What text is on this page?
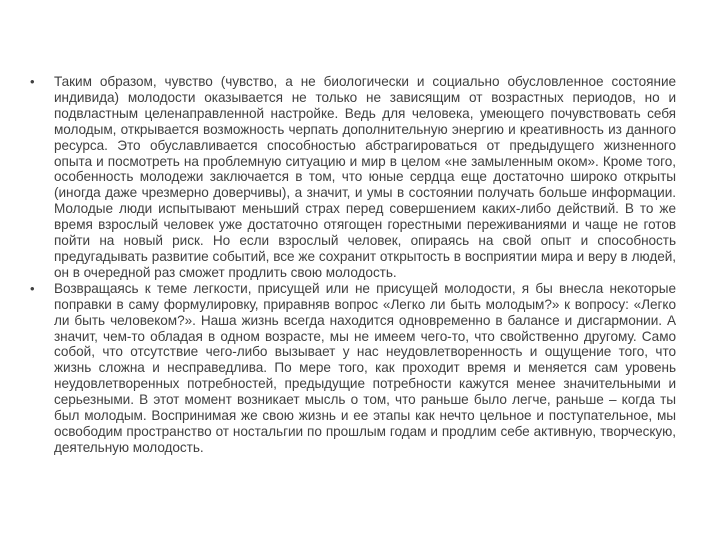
• Таким образом, чувство (чувство, а не биологически и социально обусловленное состояние индивида) молодости оказывается не только не зависящим от возрастных периодов, но и подвластным целенаправленной настройке. Ведь для человека, умеющего почувствовать себя молодым, открывается возможность черпать дополнительную энергию и креативность из данного ресурса. Это обуславливается способностью абстрагироваться от предыдущего жизненного опыта и посмотреть на проблемную ситуацию и мир в целом «не замыленным оком». Кроме того, особенность молодежи заключается в том, что юные сердца еще достаточно широко открыты (иногда даже чрезмерно доверчивы), а значит, и умы в состоянии получать больше информации. Молодые люди испытывают меньший страх перед совершением каких-либо действий. В то же время взрослый человек уже достаточно отягощен горестными переживаниями и чаще не готов пойти на новый риск. Но если взрослый человек, опираясь на свой опыт и способность предугадывать развитие событий, все же сохранит открытость в восприятии мира и веру в людей, он в очередной раз сможет продлить свою молодость.

• Возвращаясь к теме легкости, присущей или не присущей молодости, я бы внесла некоторые поправки в саму формулировку, приравняв вопрос «Легко ли быть молодым?» к вопросу: «Легко ли быть человеком?». Наша жизнь всегда находится одновременно в балансе и дисгармонии. А значит, чем-то обладая в одном возрасте, мы не имеем чего-то, что свойственно другому. Само собой, что отсутствие чего-либо вызывает у нас неудовлетворенность и ощущение того, что жизнь сложна и несправедлива. По мере того, как проходит время и меняется сам уровень неудовлетворенных потребностей, предыдущие потребности кажутся менее значительными и серьезными. В этот момент возникает мысль о том, что раньше было легче, раньше – когда ты был молодым. Воспринимая же свою жизнь и ее этапы как нечто цельное и поступательное, мы освободим пространство от ностальгии по прошлым годам и продлим себе активную, творческую, деятельную молодость.
